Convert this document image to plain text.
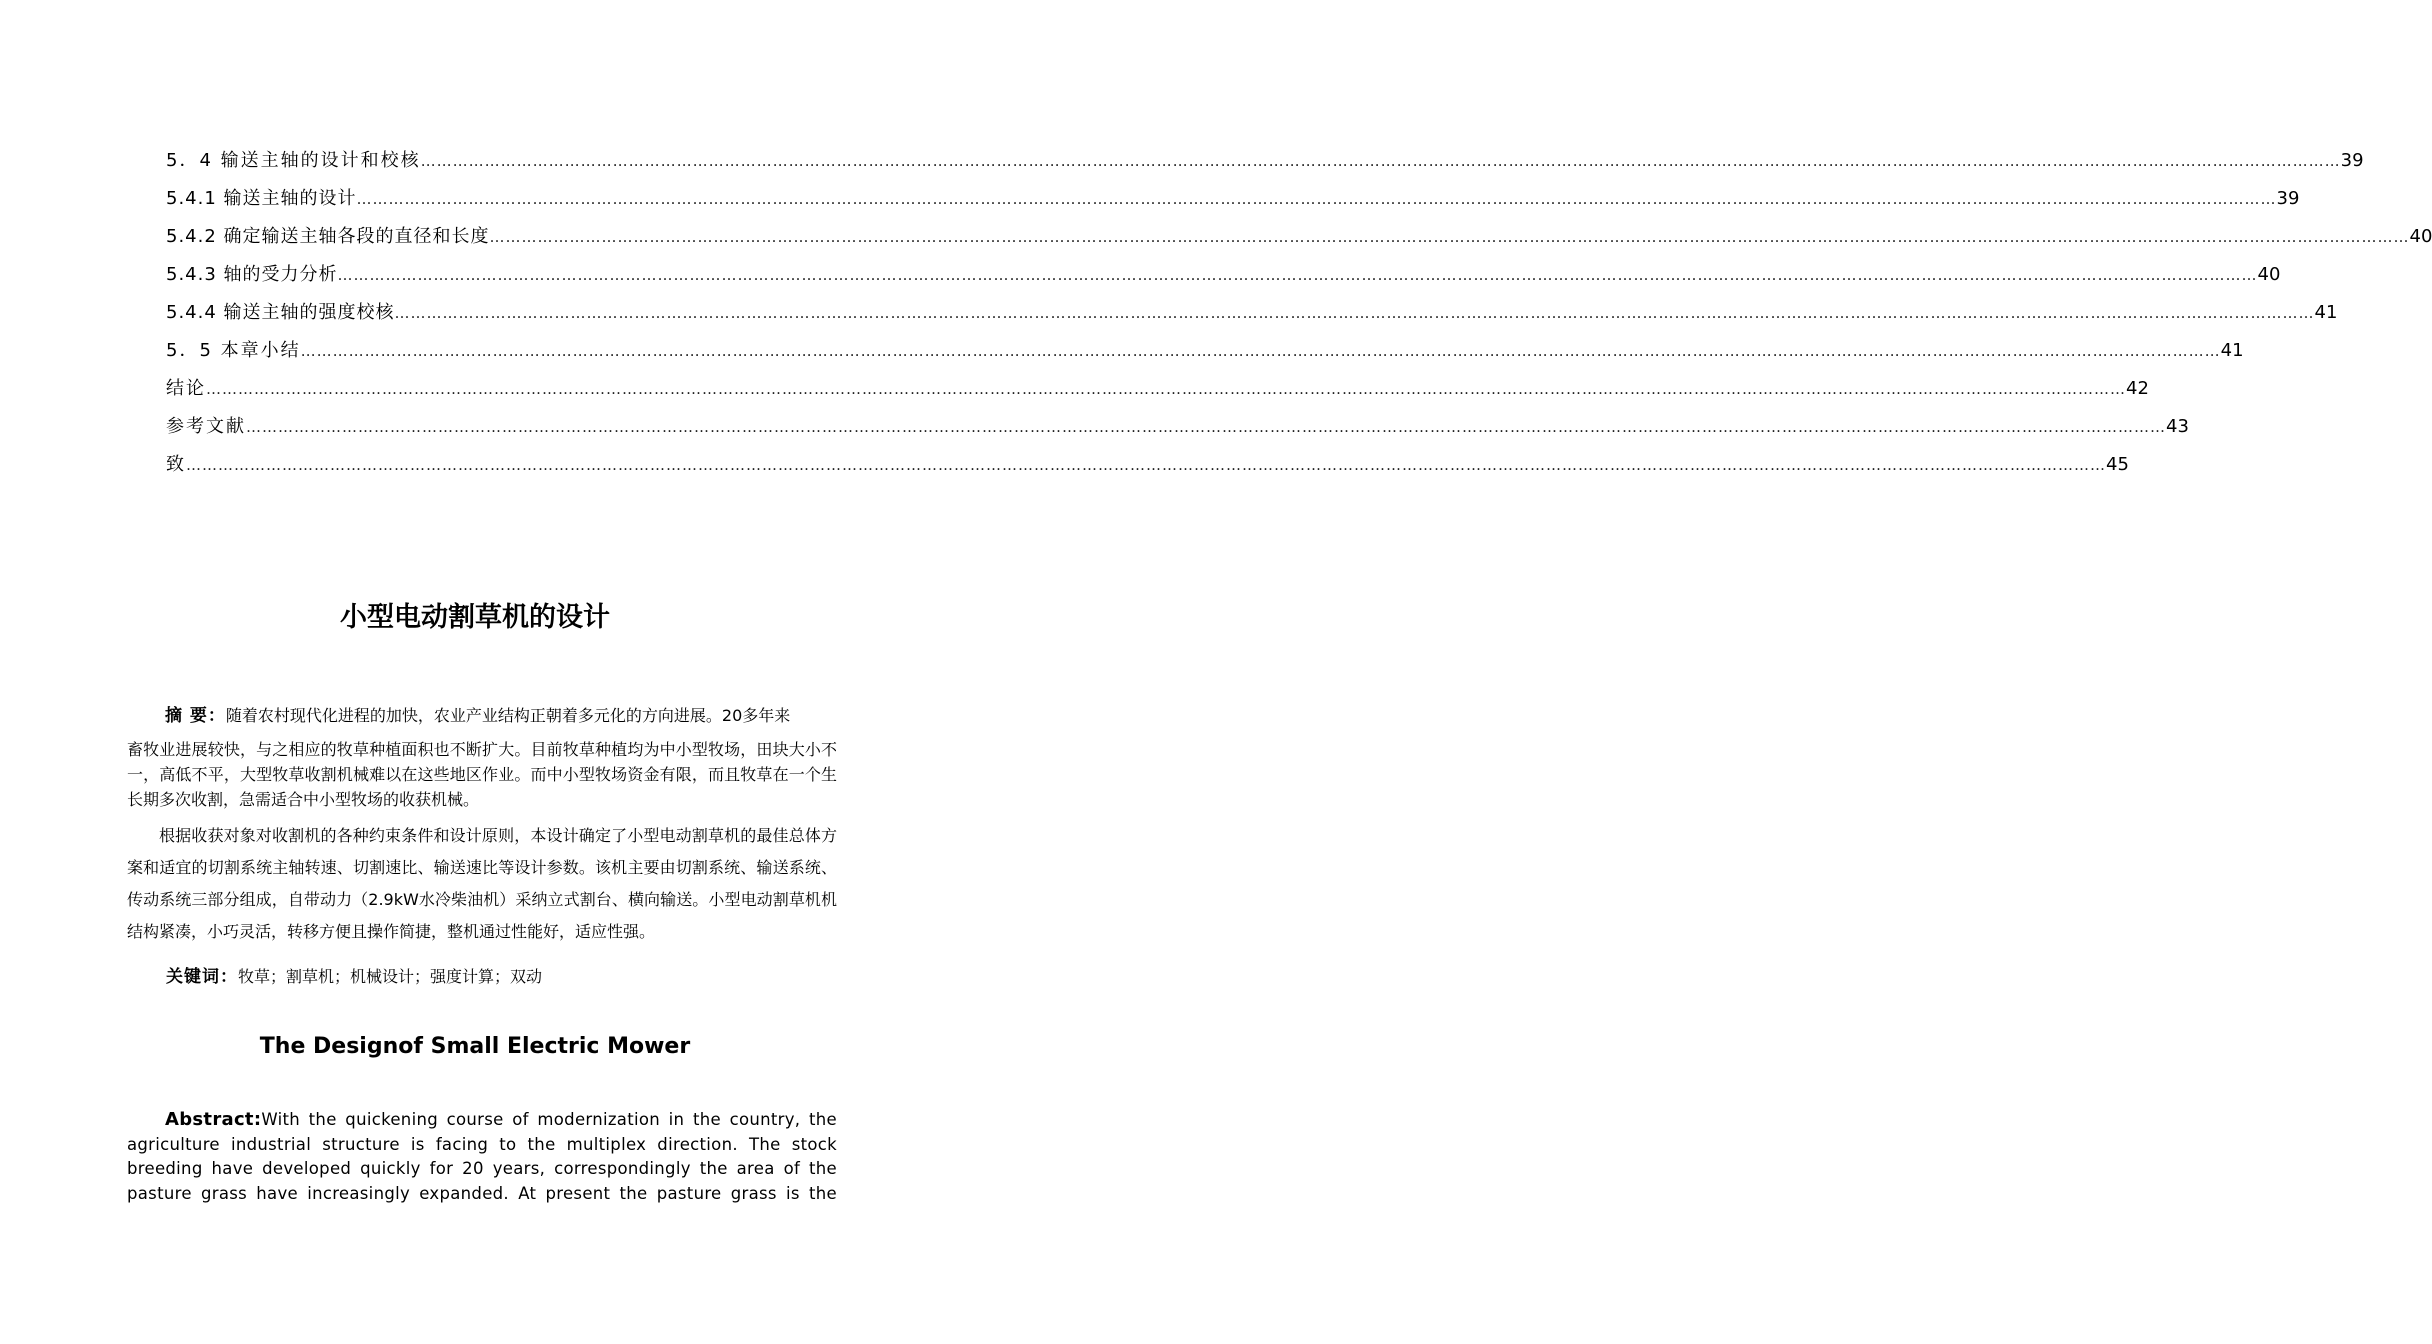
5．4 输送主轴的设计和校核 ……………………………………………………………………………………………………………………………………………………………………………………………………………………………………………………………………………………………………………………………… 39
5.4.1 输送主轴的设计 ……………………………………………………………………………………………………………………………………………………………………………………………………………………………………………………………………………………………………………………………… 39
5.4.2 确定输送主轴各段的直径和长度 ……………………………………………………………………………………………………………………………………………………………………………………………………………………………………………………………………………………………………………………………… 40
5.4.3 轴的受力分析 ……………………………………………………………………………………………………………………………………………………………………………………………………………………………………………………………………………………………………………………………… 40
5.4.4 输送主轴的强度校核 ……………………………………………………………………………………………………………………………………………………………………………………………………………………………………………………………………………………………………………………………… 41
5．5 本章小结 ……………………………………………………………………………………………………………………………………………………………………………………………………………………………………………………………………………………………………………………………… 41
结论 ……………………………………………………………………………………………………………………………………………………………………………………………………………………………………………………………………………………………………………………………… 42
参考文献 ……………………………………………………………………………………………………………………………………………………………………………………………………………………………………………………………………………………………………………………………… 43
致 ……………………………………………………………………………………………………………………………………………………………………………………………………………………………………………………………………………………………………………………………… 45
小型电动割草机的设计

摘 要：随着农村现代化进程的加快，农业产业结构正朝着多元化的方向进展。20多年来
畜牧业进展较快，与之相应的牧草种植面积也不断扩大。目前牧草种植均为中小型牧场，田块大小不一，高低不平，大型牧草收割机械难以在这些地区作业。而中小型牧场资金有限，而且牧草在一个生长期多次收割，急需适合中小型牧场的收获机械。

根据收获对象对收割机的各种约束条件和设计原则，本设计确定了小型电动割草机的最佳总体方案和适宜的切割系统主轴转速、切割速比、输送速比等设计参数。该机主要由切割系统、输送系统、传动系统三部分组成，自带动力（2.9kW水冷柴油机）采纳立式割台、横向输送。小型电动割草机机结构紧凑，小巧灵活，转移方便且操作简捷，整机通过性能好，适应性强。

关键词：牧草；割草机；机械设计；强度计算；双动
The Designof Small Electric Mower
Abstract:With the quickening course of modernization in the country, the agriculture industrial structure is facing to the multiplex direction. The stock breeding have developed quickly for 20 years, correspondingly the area of the pasture grass have increasingly expanded. At present the pasture grass is the
